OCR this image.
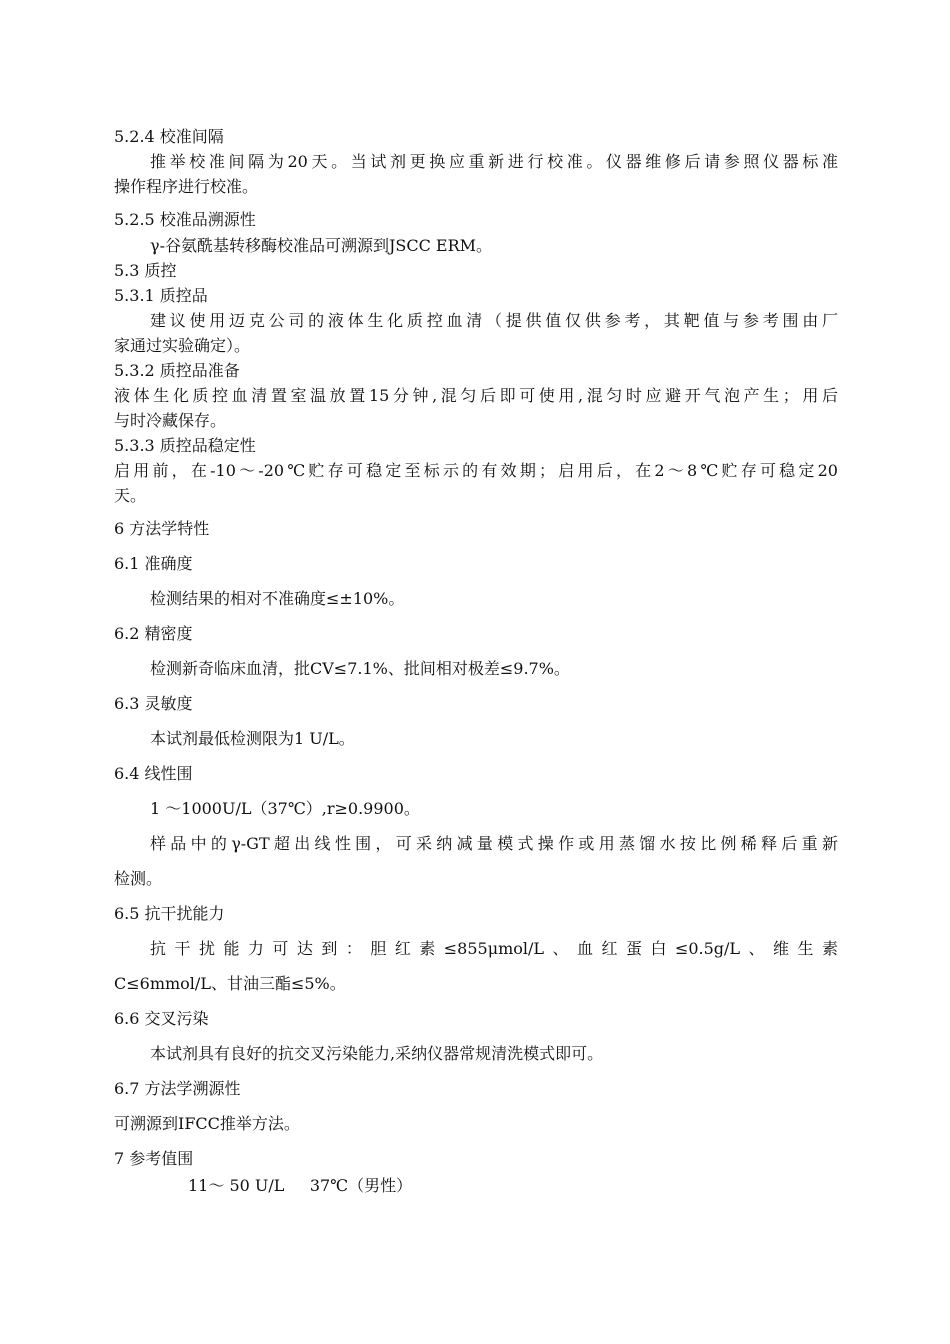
5.2.4 校准间隔
推举校准间隔为20天。当试剂更换应重新进行校准。仪器维修后请参照仪器标准
操作程序进行校准。
5.2.5 校准品溯源性
γ-谷氨酰基转移酶校准品可溯源到JSCC ERM。
5.3 质控
5.3.1 质控品
建议使用迈克公司的液体生化质控血清（提供值仅供参考，其靶值与参考围由厂
家通过实验确定）。
5.3.2 质控品准备
液体生化质控血清置室温放置15分钟,混匀后即可使用,混匀时应避开气泡产生；用后
与时冷藏保存。
5.3.3 质控品稳定性
启用前，在-10～-20℃贮存可稳定至标示的有效期；启用后，在2～8℃贮存可稳定20
天。
6 方法学特性
6.1 准确度
检测结果的相对不准确度≤±10%。
6.2 精密度
检测新奇临床血清，批CV≤7.1%、批间相对极差≤9.7%。
6.3 灵敏度
本试剂最低检测限为1 U/L。
6.4 线性围
1 ～1000U/L（37℃）,r≥0.9900。
样品中的γ-GT超出线性围，可采纳减量模式操作或用蒸馏水按比例稀释后重新
检测。
6.5 抗干扰能力
抗干扰能力可达到：胆红素≤855μmol/L、血红蛋白≤0.5g/L、维生素
C≤6mmol/L、甘油三酯≤5%。
6.6 交叉污染
本试剂具有良好的抗交叉污染能力,采纳仪器常规清洗模式即可。
6.7 方法学溯源性
可溯源到IFCC推举方法。
7 参考值围
11～ 50 U/L     37℃（男性）
